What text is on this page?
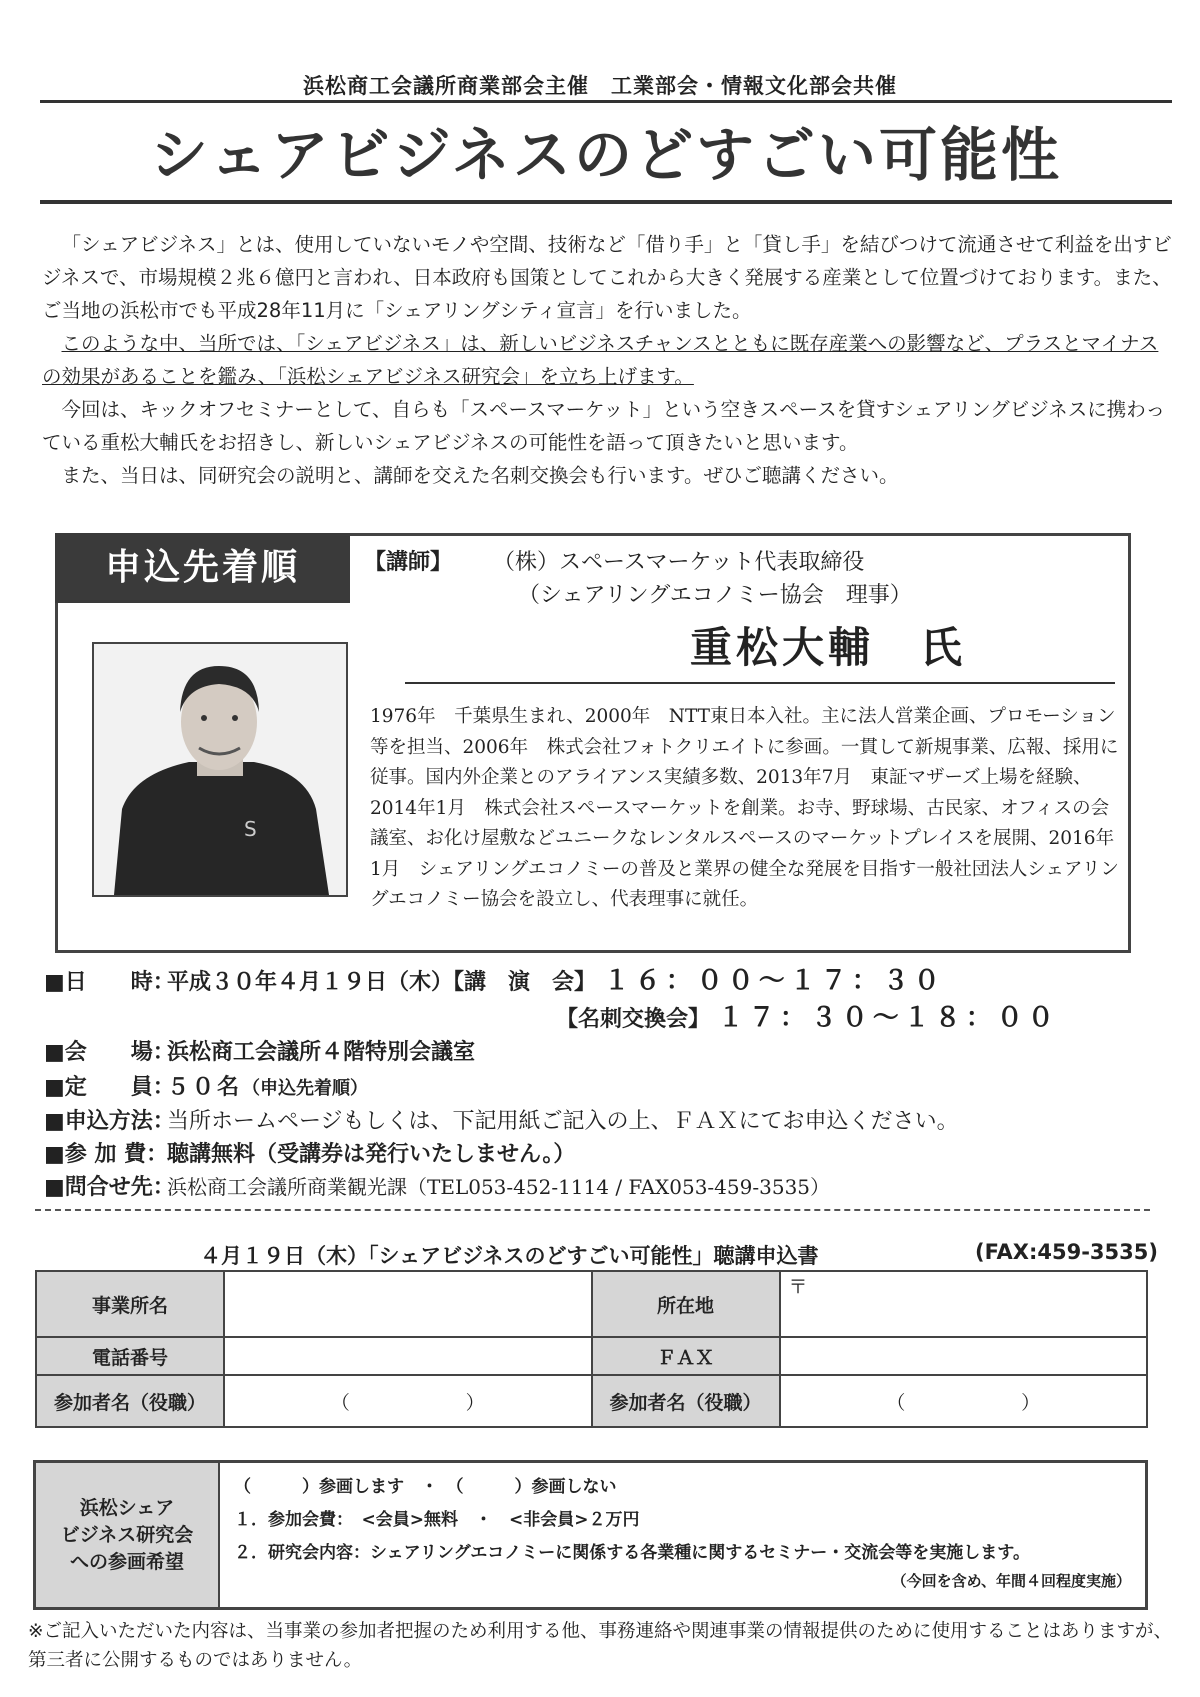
浜松商工会議所商業部会主催　工業部会・情報文化部会共催
シェアビジネスのどすごい可能性

「シェアビジネス」とは、使用していないモノや空間、技術など「借り手」と「貸し手」を結びつけて流通させて利益を出すビジネスで、市場規模２兆６億円と言われ、日本政府も国策としてこれから大きく発展する産業として位置づけております。また、ご当地の浜松市でも平成28年11月に「シェアリングシティ宣言」を行いました。

このような中、当所では、「シェアビジネス」は、新しいビジネスチャンスとともに既存産業への影響など、プラスとマイナスの効果があることを鑑み、「浜松シェアビジネス研究会」を立ち上げます。

今回は、キックオフセミナーとして、自らも「スペースマーケット」という空きスペースを貸すシェアリングビジネスに携わっている重松大輔氏をお招きし、新しいシェアビジネスの可能性を語って頂きたいと思います。

また、当日は、同研究会の説明と、講師を交えた名刺交換会も行います。ぜひご聴講ください。

申込先着順
S
【講師】 （株）スペースマーケット代表取締役
（シェアリングエコノミー協会　理事）
重松大輔　氏

1976年　千葉県生まれ、2000年　NTT東日本入社。主に法人営業企画、プロモーション等を担当、2006年　株式会社フォトクリエイトに参画。一貫して新規事業、広報、採用に従事。国内外企業とのアライアンス実績多数、2013年7月　東証マザーズ上場を経験、2014年1月　株式会社スペースマーケットを創業。お寺、野球場、古民家、オフィスの会議室、お化け屋敷などユニークなレンタルスペースのマーケットプレイスを展開、2016年1月　シェアリングエコノミーの普及と業界の健全な発展を目指す一般社団法人シェアリングエコノミー協会を設立し、代表理事に就任。

■日　　時：平成３０年４月１９日（木）【講　演　会】 １６：００～１７：３０
【名刺交換会】 １７：３０～１８：００
■会　　場：浜松商工会議所４階特別会議室
■定　　員：５０名（申込先着順）
■申込方法：当所ホームページもしくは、下記用紙ご記入の上、ＦＡＸにてお申込ください。
■参 加 費：聴講無料（受講券は発行いたしません。）
■問合せ先：浜松商工会議所商業観光課（TEL053-452-1114 / FAX053-459-3535）
４月１９日（木）「シェアビジネスのどすごい可能性」聴講申込書	(FAX:459-3535)
事業所名		所在地	〒
電話番号		ＦＡＸ	
参加者名（役職）	（ ）	参加者名（役職）	（ ）
浜松シェア
ビジネス研究会
への参画希望

（　　　）参画します　・　（　　　）参画しない
１．参加会費：　<会員>無料　・　<非会員>２万円
２．研究会内容：シェアリングエコノミーに関係する各業種に関するセミナー・交流会等を実施します。
（今回を含め、年間４回程度実施）
※ご記入いただいた内容は、当事業の参加者把握のため利用する他、事務連絡や関連事業の情報提供のために使用することはありますが、第三者に公開するものではありません。
